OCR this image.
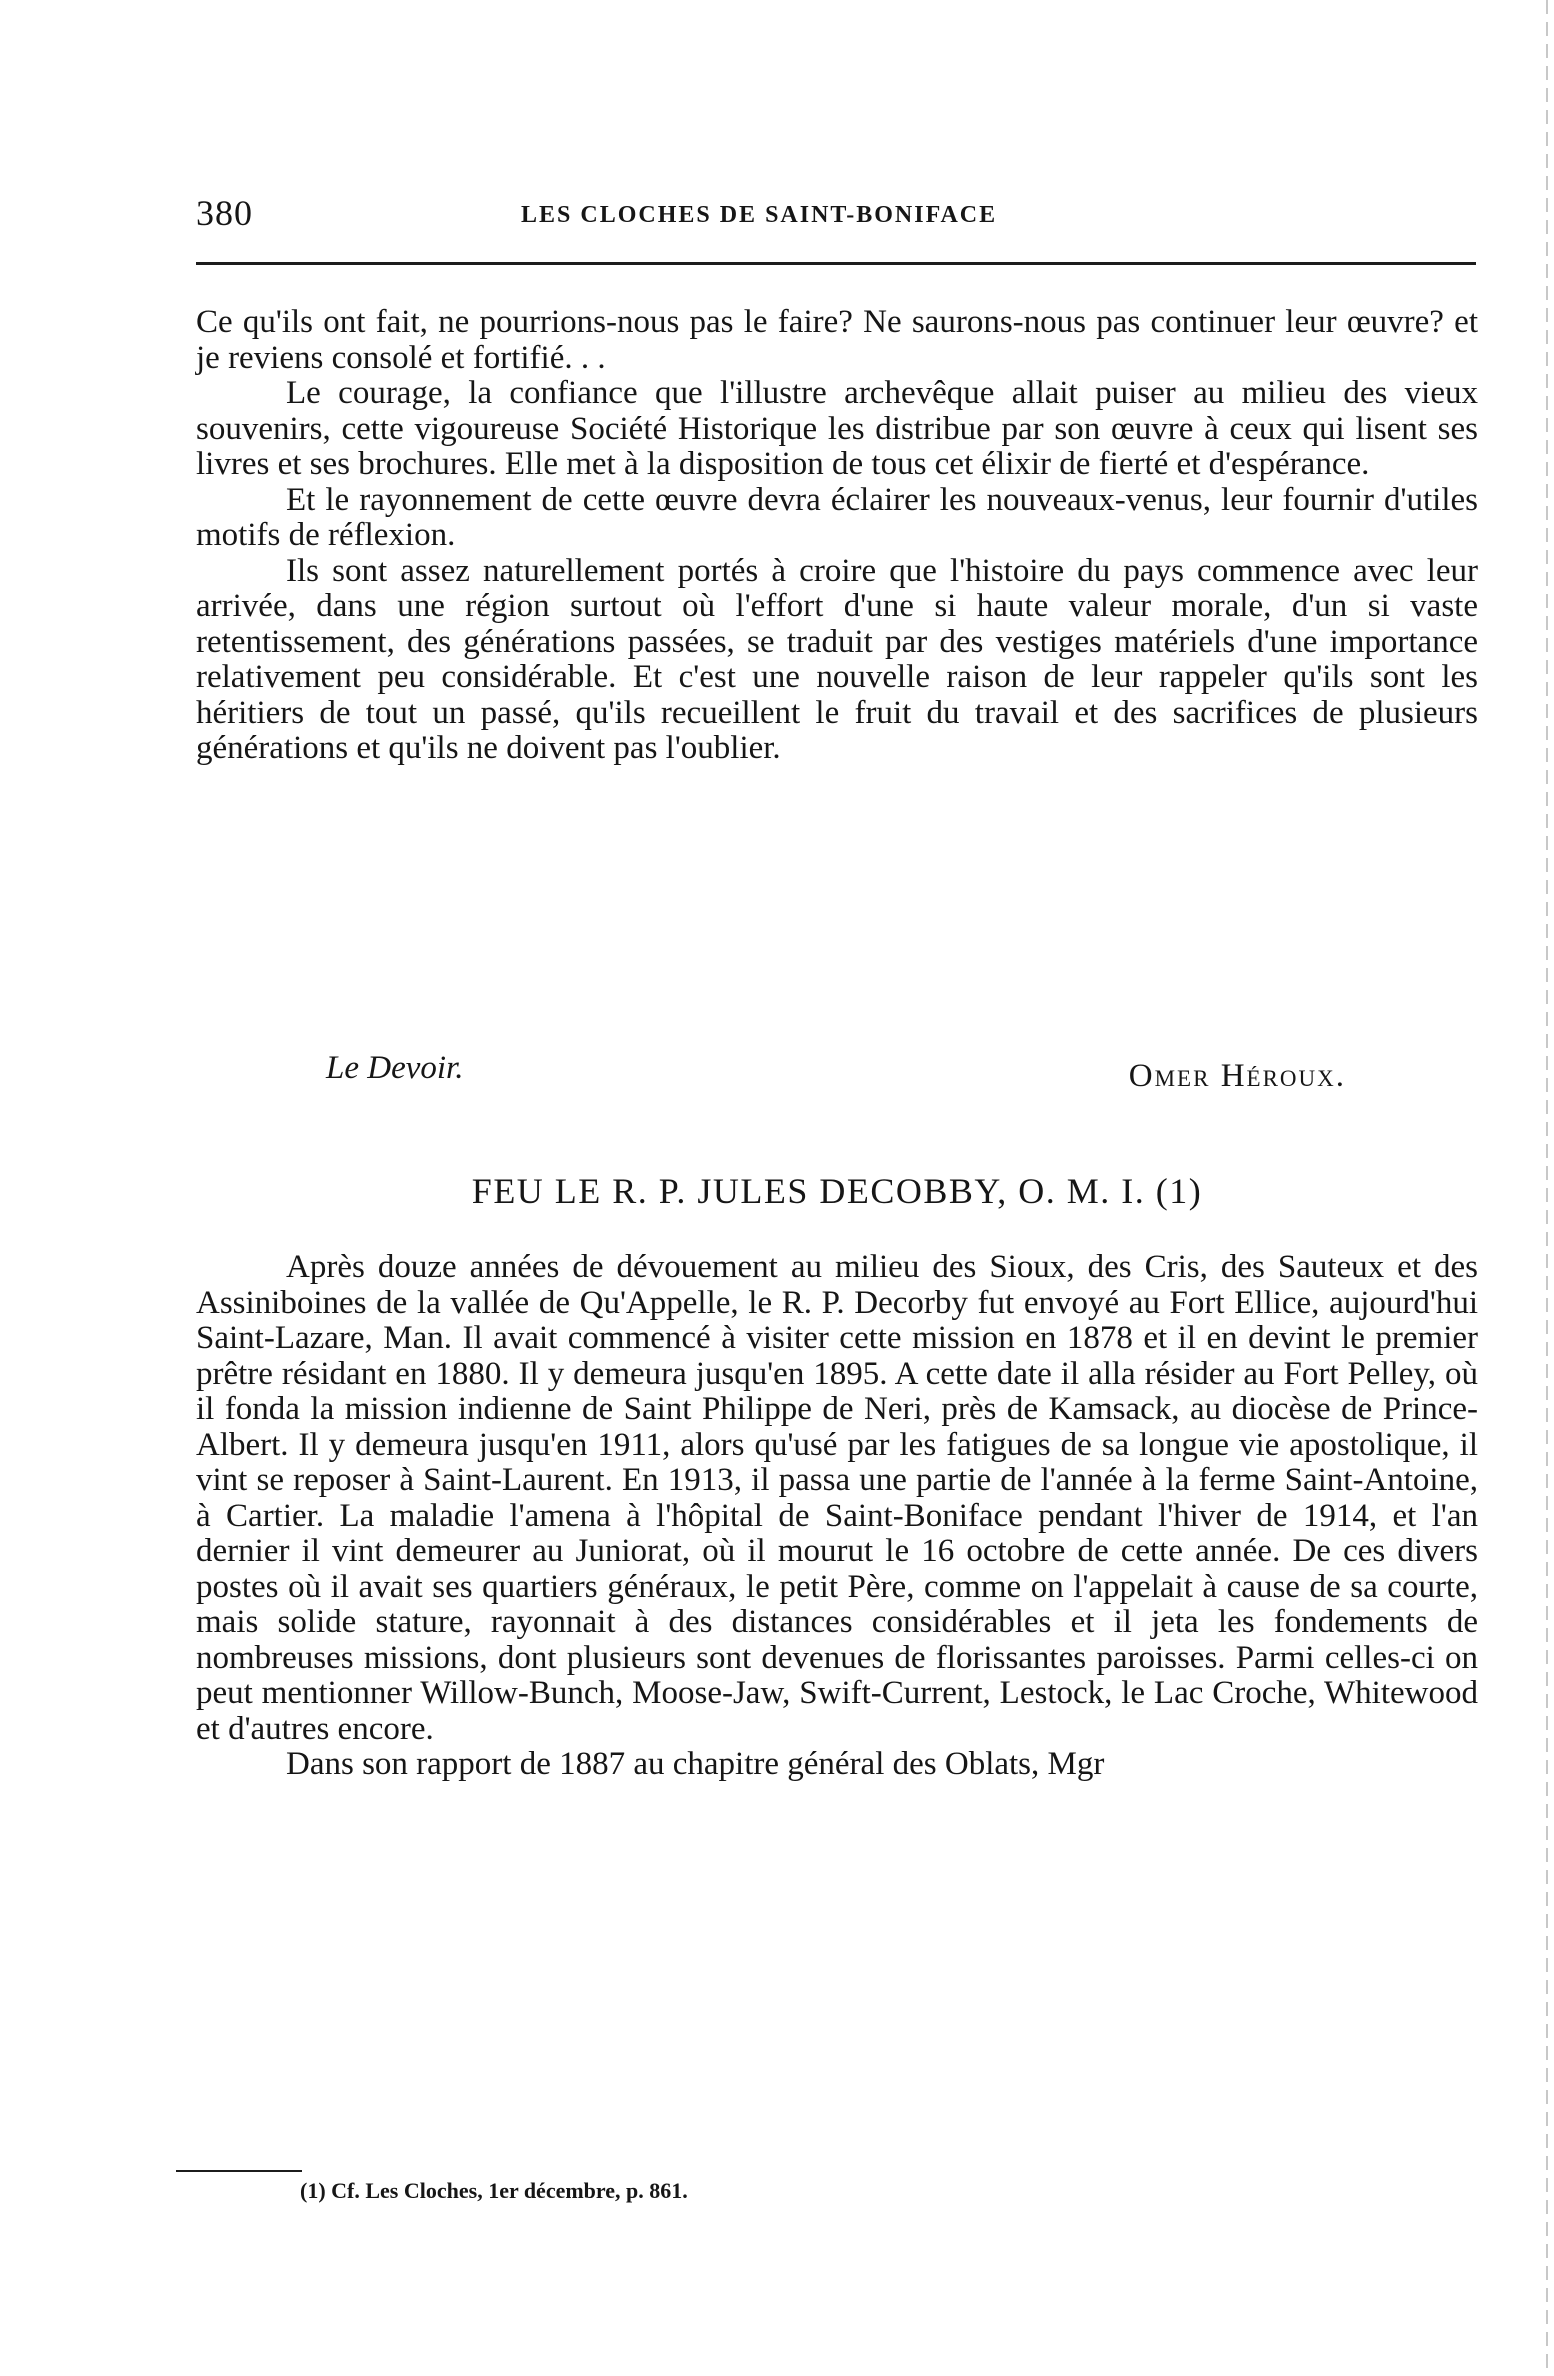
380	LES CLOCHES DE SAINT-BONIFACE

Ce qu'ils ont fait, ne pourrions-nous pas le faire? Ne saurons-nous pas continuer leur œuvre? et je reviens consolé et fortifié. . .

Le courage, la confiance que l'illustre archevêque allait puiser au milieu des vieux souvenirs, cette vigoureuse Société Historique les distribue par son œuvre à ceux qui lisent ses livres et ses brochures. Elle met à la disposition de tous cet élixir de fierté et d'espérance.

Et le rayonnement de cette œuvre devra éclairer les nouveaux-venus, leur fournir d'utiles motifs de réflexion.

Ils sont assez naturellement portés à croire que l'histoire du pays commence avec leur arrivée, dans une région surtout où l'effort d'une si haute valeur morale, d'un si vaste retentissement, des générations passées, se traduit par des vestiges matériels d'une importance relativement peu considérable. Et c'est une nouvelle raison de leur rappeler qu'ils sont les héritiers de tout un passé, qu'ils recueillent le fruit du travail et des sacrifices de plusieurs générations et qu'ils ne doivent pas l'oublier.

Le Devoir.	Omer Héroux.
FEU LE R. P. JULES DECOBBY, O. M. I. (1)

Après douze années de dévouement au milieu des Sioux, des Cris, des Sauteux et des Assiniboines de la vallée de Qu'Appelle, le R. P. Decorby fut envoyé au Fort Ellice, aujourd'hui Saint-Lazare, Man. Il avait commencé à visiter cette mission en 1878 et il en devint le premier prêtre résidant en 1880. Il y demeura jusqu'en 1895. A cette date il alla résider au Fort Pelley, où il fonda la mission indienne de Saint Philippe de Neri, près de Kamsack, au diocèse de Prince-Albert. Il y demeura jusqu'en 1911, alors qu'usé par les fatigues de sa longue vie apostolique, il vint se reposer à Saint-Laurent. En 1913, il passa une partie de l'année à la ferme Saint-Antoine, à Cartier. La maladie l'amena à l'hôpital de Saint-Boniface pendant l'hiver de 1914, et l'an dernier il vint demeurer au Juniorat, où il mourut le 16 octobre de cette année. De ces divers postes où il avait ses quartiers généraux, le petit Père, comme on l'appelait à cause de sa courte, mais solide stature, rayonnait à des distances considérables et il jeta les fondements de nombreuses missions, dont plusieurs sont devenues de florissantes paroisses. Parmi celles-ci on peut mentionner Willow-Bunch, Moose-Jaw, Swift-Current, Lestock, le Lac Croche, Whitewood et d'autres encore.

Dans son rapport de 1887 au chapitre général des Oblats, Mgr

(1) Cf. Les Cloches, 1er décembre, p. 861.
